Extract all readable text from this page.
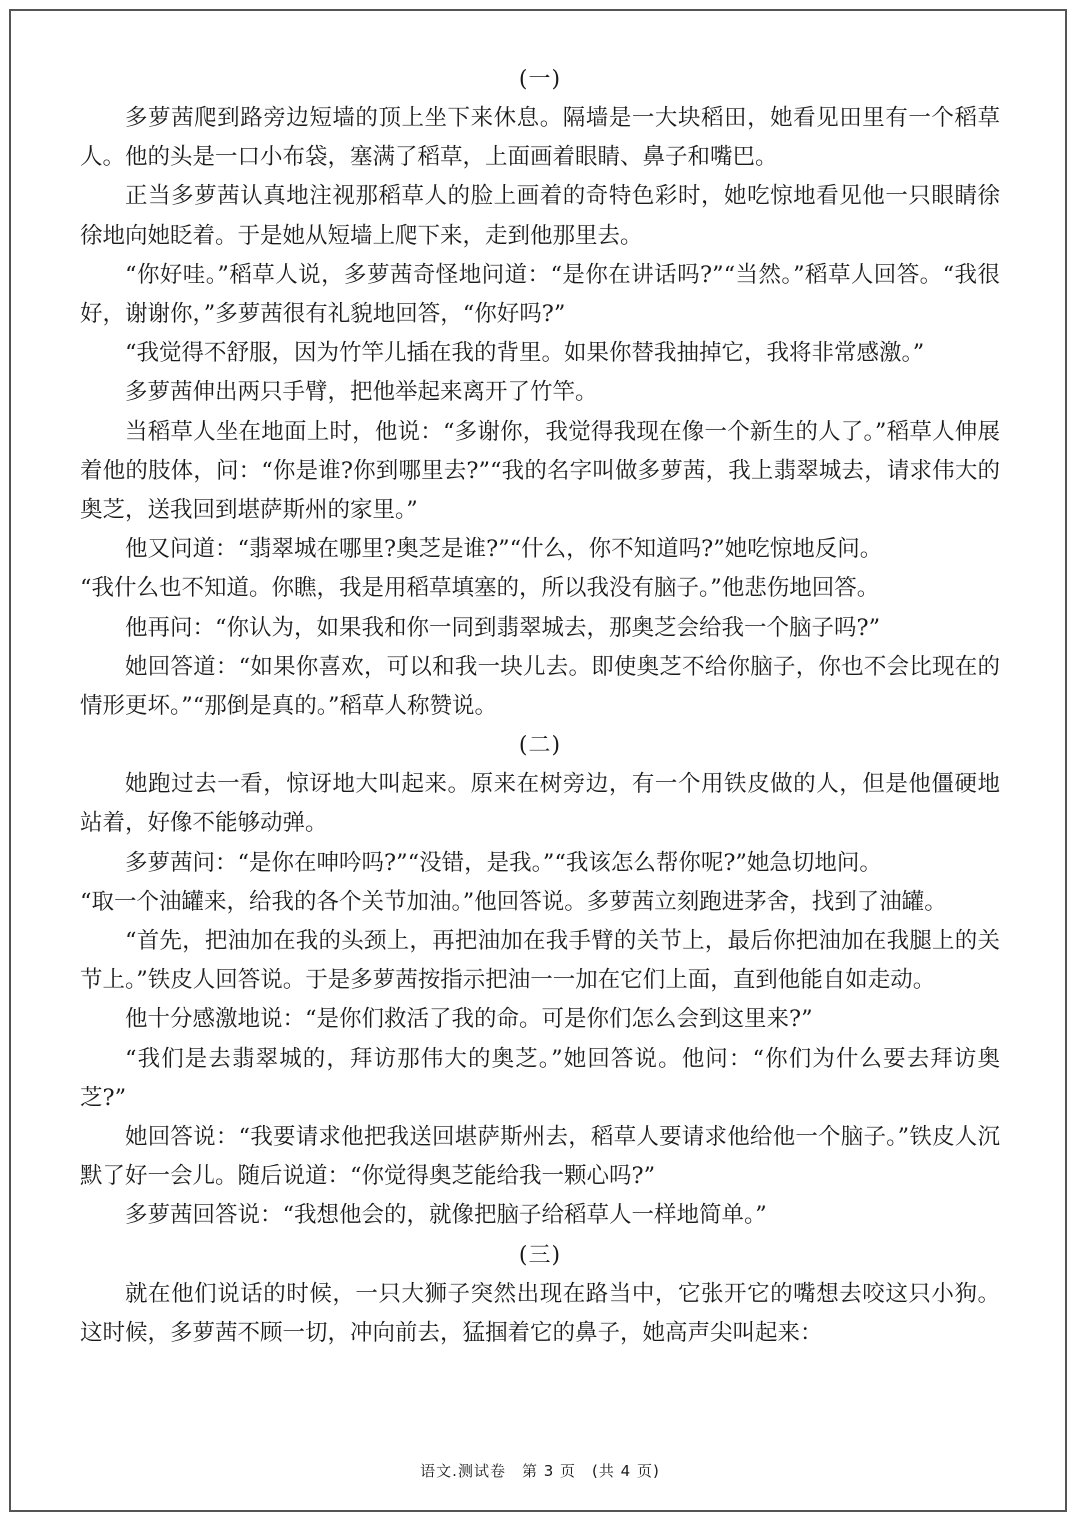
(一)

多萝茜爬到路旁边短墙的顶上坐下来休息。隔墙是一大块稻田，她看见田里有一个稻草人。他的头是一口小布袋，塞满了稻草，上面画着眼睛、鼻子和嘴巴。

正当多萝茜认真地注视那稻草人的脸上画着的奇特色彩时，她吃惊地看见他一只眼睛徐徐地向她眨着。于是她从短墙上爬下来，走到他那里去。

“你好哇。”稻草人说，多萝茜奇怪地问道：“是你在讲话吗?”“当然。”稻草人回答。“我很好，谢谢你，”多萝茜很有礼貌地回答，“你好吗?”

“我觉得不舒服，因为竹竿儿插在我的背里。如果你替我抽掉它，我将非常感激。”

多萝茜伸出两只手臂，把他举起来离开了竹竿。

当稻草人坐在地面上时，他说：“多谢你，我觉得我现在像一个新生的人了。”稻草人伸展着他的肢体，问：“你是谁?你到哪里去?”“我的名字叫做多萝茜，我上翡翠城去，请求伟大的奥芝，送我回到堪萨斯州的家里。”

他又问道：“翡翠城在哪里?奥芝是谁?”“什么，你不知道吗?”她吃惊地反问。

“我什么也不知道。你瞧，我是用稻草填塞的，所以我没有脑子。”他悲伤地回答。

他再问：“你认为，如果我和你一同到翡翠城去，那奥芝会给我一个脑子吗?”

她回答道：“如果你喜欢，可以和我一块儿去。即使奥芝不给你脑子，你也不会比现在的情形更坏。”“那倒是真的。”稻草人称赞说。

(二)

她跑过去一看，惊讶地大叫起来。原来在树旁边，有一个用铁皮做的人，但是他僵硬地站着，好像不能够动弹。

多萝茜问：“是你在呻吟吗?”“没错，是我。”“我该怎么帮你呢?”她急切地问。

“取一个油罐来，给我的各个关节加油。”他回答说。多萝茜立刻跑进茅舍，找到了油罐。

“首先，把油加在我的头颈上，再把油加在我手臂的关节上，最后你把油加在我腿上的关节上。”铁皮人回答说。于是多萝茜按指示把油一一加在它们上面，直到他能自如走动。

他十分感激地说：“是你们救活了我的命。可是你们怎么会到这里来?”

“我们是去翡翠城的，拜访那伟大的奥芝。”她回答说。他问：“你们为什么要去拜访奥芝?”

她回答说：“我要请求他把我送回堪萨斯州去，稻草人要请求他给他一个脑子。”铁皮人沉默了好一会儿。随后说道：“你觉得奥芝能给我一颗心吗?”

多萝茜回答说：“我想他会的，就像把脑子给稻草人一样地简单。”

(三)

就在他们说话的时候，一只大狮子突然出现在路当中，它张开它的嘴想去咬这只小狗。这时候，多萝茜不顾一切，冲向前去，猛掴着它的鼻子，她高声尖叫起来：

语文.测试卷　第 3 页　(共 4 页)
